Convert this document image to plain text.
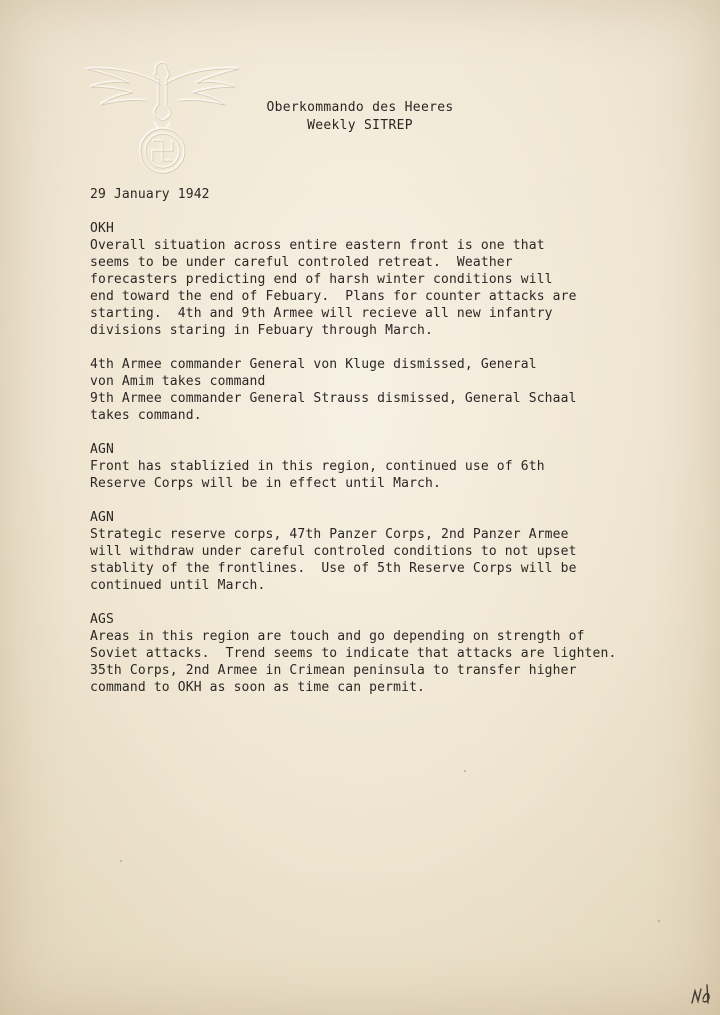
Oberkommando des Heeres
Weekly SITREP
29 January 1942
OKH
Overall situation across entire eastern front is one that
seems to be under careful controled retreat.  Weather
forecasters predicting end of harsh winter conditions will
end toward the end of Febuary.  Plans for counter attacks are
starting.  4th and 9th Armee will recieve all new infantry
divisions staring in Febuary through March.
4th Armee commander General von Kluge dismissed, General
von Amim takes command
9th Armee commander General Strauss dismissed, General Schaal
takes command.
AGN
Front has stablizied in this region, continued use of 6th
Reserve Corps will be in effect until March.
AGN
Strategic reserve corps, 47th Panzer Corps, 2nd Panzer Armee
will withdraw under careful controled conditions to not upset
stablity of the frontlines.  Use of 5th Reserve Corps will be
continued until March.
AGS
Areas in this region are touch and go depending on strength of
Soviet attacks.  Trend seems to indicate that attacks are lighten.
35th Corps, 2nd Armee in Crimean peninsula to transfer higher
command to OKH as soon as time can permit.
